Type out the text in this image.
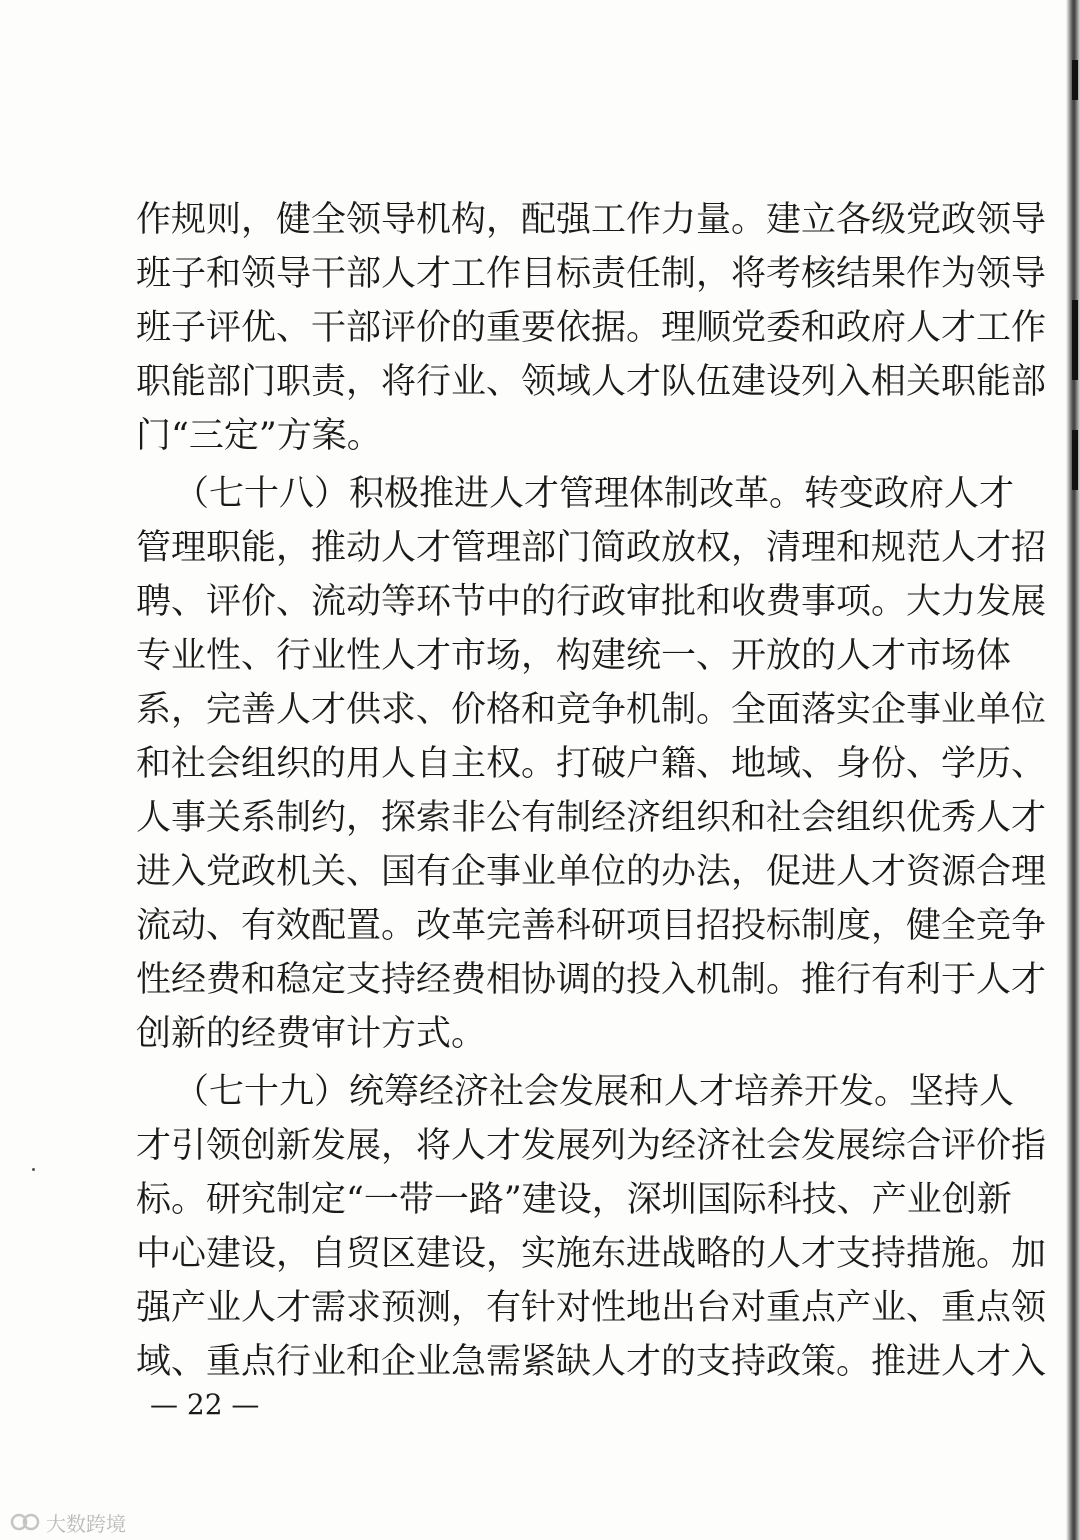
作规则，健全领导机构，配强工作力量。建立各级党政领导
班子和领导干部人才工作目标责任制，将考核结果作为领导
班子评优、干部评价的重要依据。理顺党委和政府人才工作
职能部门职责，将行业、领域人才队伍建设列入相关职能部
门“三定”方案。
（七十八）积极推进人才管理体制改革。转变政府人才
管理职能，推动人才管理部门简政放权，清理和规范人才招
聘、评价、流动等环节中的行政审批和收费事项。大力发展
专业性、行业性人才市场，构建统一、开放的人才市场体
系，完善人才供求、价格和竞争机制。全面落实企事业单位
和社会组织的用人自主权。打破户籍、地域、身份、学历、
人事关系制约，探索非公有制经济组织和社会组织优秀人才
进入党政机关、国有企事业单位的办法，促进人才资源合理
流动、有效配置。改革完善科研项目招投标制度，健全竞争
性经费和稳定支持经费相协调的投入机制。推行有利于人才
创新的经费审计方式。
（七十九）统筹经济社会发展和人才培养开发。坚持人
才引领创新发展，将人才发展列为经济社会发展综合评价指
标。研究制定“一带一路”建设，深圳国际科技、产业创新
中心建设，自贸区建设，实施东进战略的人才支持措施。加
强产业人才需求预测，有针对性地出台对重点产业、重点领
域、重点行业和企业急需紧缺人才的支持政策。推进人才入
— 22 —
大数跨境
